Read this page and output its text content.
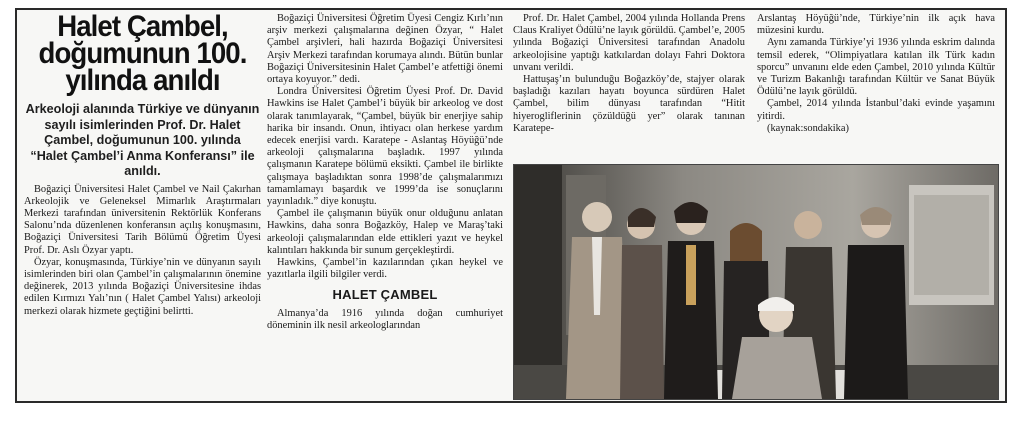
Halet Çambel, doğumunun 100. yılında anıldı
Arkeoloji alanında Türkiye ve dünyanın sayılı isimlerinden Prof. Dr. Halet Çambel, doğumunun 100. yılında “Halet Çambel’i Anma Konferansı” ile anıldı.

Boğaziçi Üniversitesi Halet Çambel ve Nail Çakırhan Arkeolojik ve Geleneksel Mimarlık Araştırmaları Merkezi tarafından üniversitenin Rektörlük Konferans Salonu’nda düzenlenen konferansın açılış konuşmasını, Boğaziçi Üniversitesi Tarih Bölümü Öğretim Üyesi Prof. Dr. Aslı Özyar yaptı.

Özyar, konuşmasında, Türkiye’nin ve dünyanın sayılı isimlerinden biri olan Çambel’in çalışmalarının önemine değinerek, 2013 yılında Boğaziçi Üniversitesine ihdas edilen Kırmızı Yalı’nın ( Halet Çambel Yalısı) arkeoloji merkezi olarak hizmete geçtiğini belirtti.

Boğaziçi Üniversitesi Öğretim Üyesi Cengiz Kırlı’nın arşiv merkezi çalışmalarına değinen Özyar, “ Halet Çambel arşivleri, hali hazırda Boğaziçi Üniversitesi Arşiv Merkezi tarafından korumaya alındı. Bütün bunlar Boğaziçi Üniversitesinin Halet Çambel’e atfettiği önemi ortaya koyuyor.” dedi.

Londra Üniversitesi Öğretim Üyesi Prof. Dr. David Hawkins ise Halet Çambel’i büyük bir arkeolog ve dost olarak tanımlayarak, “Çambel, büyük bir enerjiye sahip harika bir insandı. Onun, ihtiyacı olan herkese yardım edecek enerjisi vardı. Karatepe - Aslantaş Höyüğü’nde arkeoloji çalışmalarına başladık. 1997 yılında çalışmanın Karatepe bölümü eksikti. Çambel ile birlikte çalışmaya başladıktan sonra 1998’de çalışmalarımızı tamamlamayı başardık ve 1999’da ise sonuçlarını yayınladık.” diye konuştu.

Çambel ile çalışmanın büyük onur olduğunu anlatan Hawkins, daha sonra Boğazköy, Halep ve Maraş’taki arkeoloji çalışmalarından elde ettikleri yazıt ve heykel kalıntıları hakkında bir sunum gerçekleştirdi.

Hawkins, Çambel’in kazılarından çıkan heykel ve yazıtlarla ilgili bilgiler verdi.

HALET ÇAMBEL

Almanya’da 1916 yılında doğan cumhuriyet döneminin ilk nesil arkeologlarından

Prof. Dr. Halet Çambel, 2004 yılında Hollanda Prens Claus Kraliyet Ödülü’ne layık görüldü. Çambel’e, 2005 yılında Boğaziçi Üniversitesi tarafından Anadolu arkeolojisine yaptığı katkılardan dolayı Fahri Doktora unvanı verildi.

Hattuşaş’ın bulunduğu Boğazköy’de, stajyer olarak başladığı kazıları hayatı boyunca sürdüren Halet Çambel, bilim dünyası tarafından “Hitit hiyerogliflerinin çözüldüğü yer” olarak tanınan Karatepe-

Arslantaş Höyüğü’nde, Türkiye’nin ilk açık hava müzesini kurdu.

Aynı zamanda Türkiye’yi 1936 yılında eskrim dalında temsil ederek, “Olimpiyatlara katılan ilk Türk kadın sporcu” unvanını elde eden Çambel, 2010 yılında Kültür ve Turizm Bakanlığı tarafından Kültür ve Sanat Büyük Ödülü’ne layık görüldü.

Çambel, 2014 yılında İstanbul’daki evinde yaşamını yitirdi.

(kaynak:sondakika)
